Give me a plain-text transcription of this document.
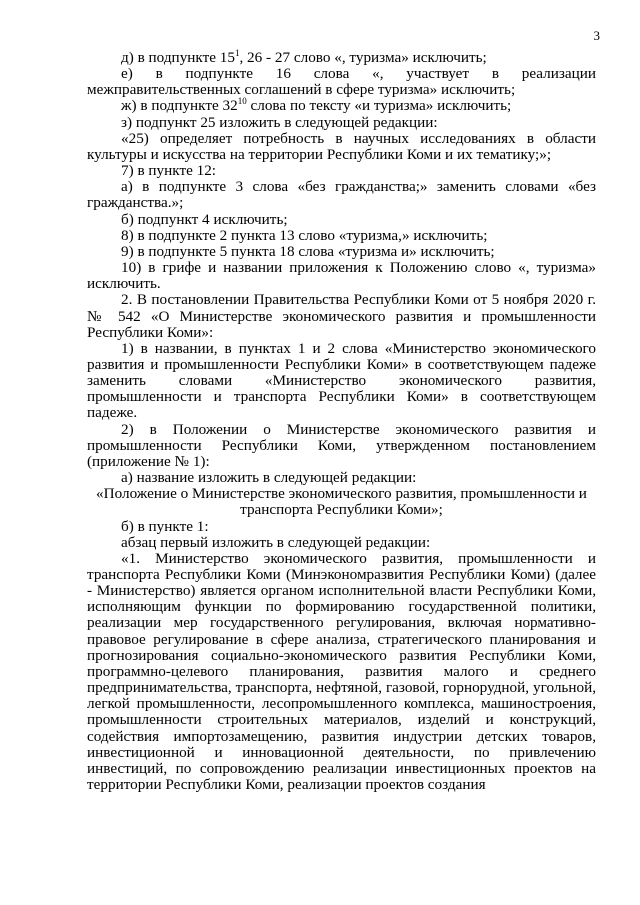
3

д) в подпункте $15^1$, 26 - 27 слово «, туризма» исключить;

е) в подпункте 16 слова «, участвует в реализации межправительственных соглашений в сфере туризма» исключить;

ж) в подпункте $32^{10}$ слова по тексту «и туризма» исключить;

з) подпункт 25 изложить в следующей редакции:

«25) определяет потребность в научных исследованиях в области культуры и искусства на территории Республики Коми и их тематику;»;

7) в пункте 12:

а) в подпункте 3 слова «без гражданства;» заменить словами «без гражданства.»;

б) подпункт 4 исключить;

8) в подпункте 2 пункта 13 слово «туризма,» исключить;

9) в подпункте 5 пункта 18 слова «туризма и» исключить;

10) в грифе и названии приложения к Положению слово «, туризма» исключить.

2. В постановлении Правительства Республики Коми от 5 ноября 2020 г. № 542 «О Министерстве экономического развития и промышленности Республики Коми»:

1) в названии, в пунктах 1 и 2 слова «Министерство экономического развития и промышленности Республики Коми» в соответствующем падеже заменить словами «Министерство экономического развития, промышленности и транспорта Республики Коми» в соответствующем падеже.

2) в Положении о Министерстве экономического развития и промышленности Республики Коми, утвержденном постановлением (приложение № 1):

а) название изложить в следующей редакции:

«Положение о Министерстве экономического развития, промышленности и транспорта Республики Коми»;

б) в пункте 1:

абзац первый изложить в следующей редакции:

«1. Министерство экономического развития, промышленности и транспорта Республики Коми (Минэкономразвития Республики Коми) (далее - Министерство) является органом исполнительной власти Республики Коми, исполняющим функции по формированию государственной политики, реализации мер государственного регулирования, включая нормативно-правовое регулирование в сфере анализа, стратегического планирования и прогнозирования социально-экономического развития Республики Коми, программно-целевого планирования, развития малого и среднего предпринимательства, транспорта, нефтяной, газовой, горнорудной, угольной, легкой промышленности, лесопромышленного комплекса, машиностроения, промышленности строительных материалов, изделий и конструкций, содействия импортозамещению, развития индустрии детских товаров, инвестиционной и инновационной деятельности, по привлечению инвестиций, по сопровождению реализации инвестиционных проектов на территории Республики Коми, реализации проектов создания
